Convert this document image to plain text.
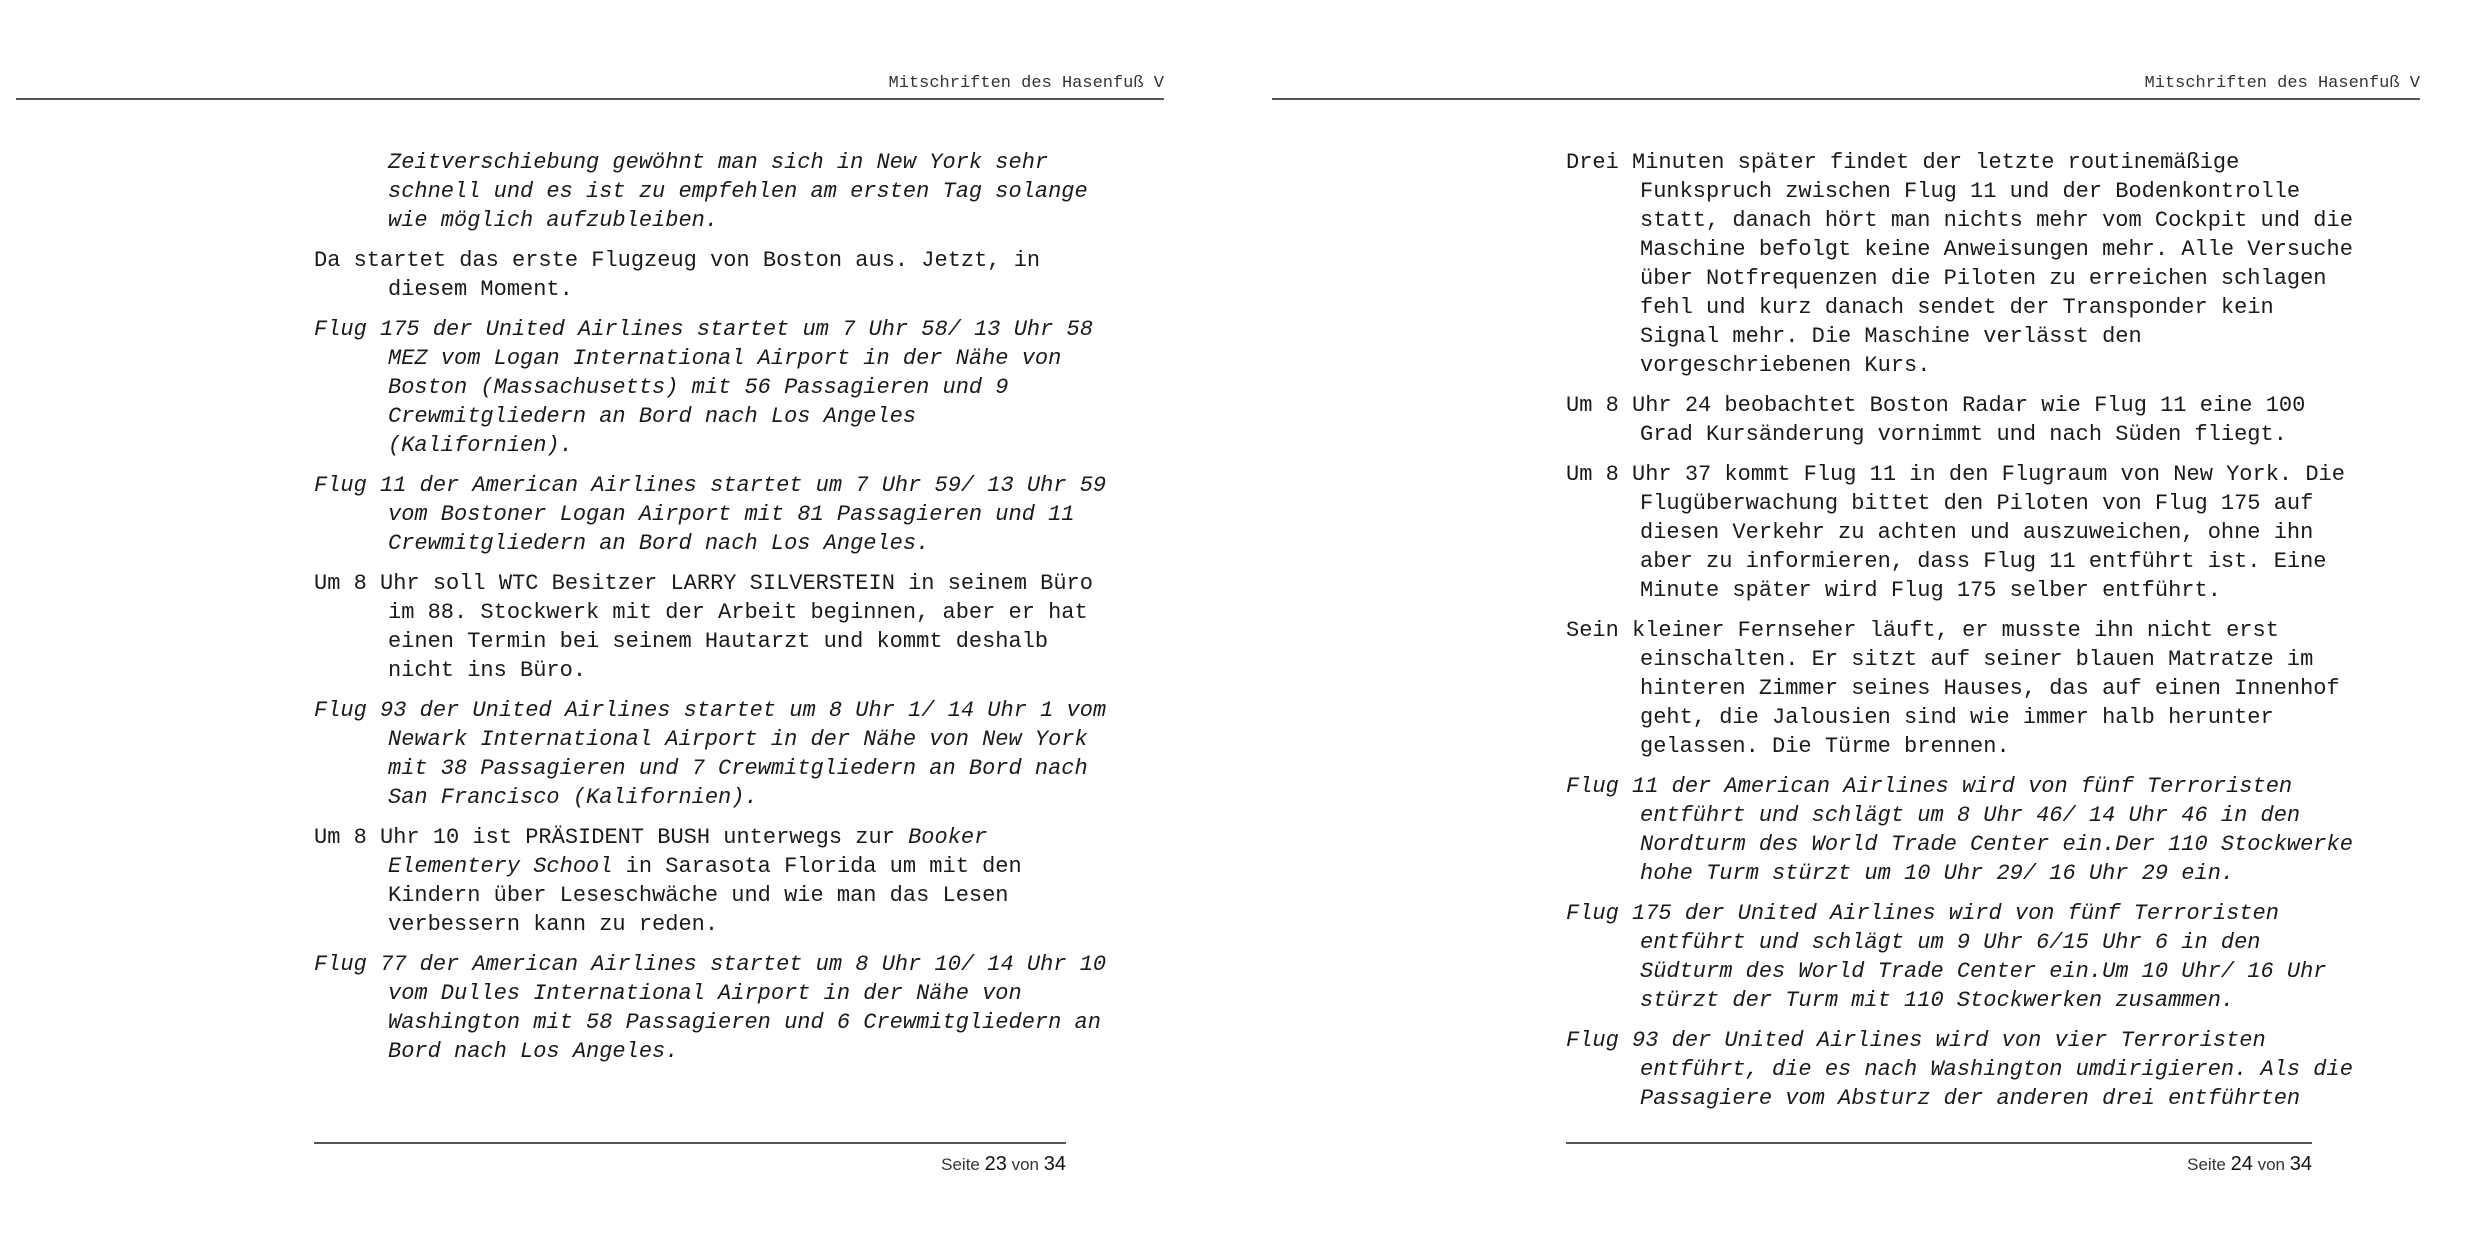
Mitschriften des Hasenfuß V

Zeitverschiebung gewöhnt man sich in New York sehr schnell und es ist zu empfehlen am ersten Tag solange wie möglich aufzubleiben.

Da startet das erste Flugzeug von Boston aus. Jetzt, in diesem Moment.

Flug 175 der United Airlines startet um 7 Uhr 58/ 13 Uhr 58 MEZ vom Logan International Airport in der Nähe von Boston (Massachusetts) mit 56 Passagieren und 9 Crewmitgliedern an Bord nach Los Angeles (Kalifornien).

Flug 11 der American Airlines startet um 7 Uhr 59/ 13 Uhr 59 vom Bostoner Logan Airport mit 81 Passagieren und 11 Crewmitgliedern an Bord nach Los Angeles.

Um 8 Uhr soll WTC Besitzer LARRY SILVERSTEIN in seinem Büro im 88. Stockwerk mit der Arbeit beginnen, aber er hat einen Termin bei seinem Hautarzt und kommt deshalb nicht ins Büro.

Flug 93 der United Airlines startet um 8 Uhr 1/ 14 Uhr 1 vom Newark International Airport in der Nähe von New York mit 38 Passagieren und 7 Crewmitgliedern an Bord nach San Francisco (Kalifornien).

Um 8 Uhr 10 ist PRÄSIDENT BUSH unterwegs zur Booker Elementery School in Sarasota Florida um mit den Kindern über Leseschwäche und wie man das Lesen verbessern kann zu reden.

Flug 77 der American Airlines startet um 8 Uhr 10/ 14 Uhr 10 vom Dulles International Airport in der Nähe von Washington mit 58 Passagieren und 6 Crewmitgliedern an Bord nach Los Angeles.

Seite 23 von 34
Mitschriften des Hasenfuß V

Drei Minuten später findet der letzte routinemäßige Funkspruch zwischen Flug 11 und der Bodenkontrolle statt, danach hört man nichts mehr vom Cockpit und die Maschine befolgt keine Anweisungen mehr. Alle Versuche über Notfrequenzen die Piloten zu erreichen schlagen fehl und kurz danach sendet der Transponder kein Signal mehr. Die Maschine verlässt den vorgeschriebenen Kurs.

Um 8 Uhr 24 beobachtet Boston Radar wie Flug 11 eine 100 Grad Kursänderung vornimmt und nach Süden fliegt.

Um 8 Uhr 37 kommt Flug 11 in den Flugraum von New York. Die Flugüberwachung bittet den Piloten von Flug 175 auf diesen Verkehr zu achten und auszuweichen, ohne ihn aber zu informieren, dass Flug 11 entführt ist. Eine Minute später wird Flug 175 selber entführt.

Sein kleiner Fernseher läuft, er musste ihn nicht erst einschalten. Er sitzt auf seiner blauen Matratze im hinteren Zimmer seines Hauses, das auf einen Innenhof geht, die Jalousien sind wie immer halb herunter gelassen. Die Türme brennen.

Flug 11 der American Airlines wird von fünf Terroristen entführt und schlägt um 8 Uhr 46/ 14 Uhr 46 in den Nordturm des World Trade Center ein.Der 110 Stockwerke hohe Turm stürzt um 10 Uhr 29/ 16 Uhr 29 ein.

Flug 175 der United Airlines wird von fünf Terroristen entführt und schlägt um 9 Uhr 6/15 Uhr 6 in den Südturm des World Trade Center ein.Um 10 Uhr/ 16 Uhr stürzt der Turm mit 110 Stockwerken zusammen.

Flug 93 der United Airlines wird von vier Terroristen entführt, die es nach Washington umdirigieren. Als die Passagiere vom Absturz der anderen drei entführten

Seite 24 von 34
